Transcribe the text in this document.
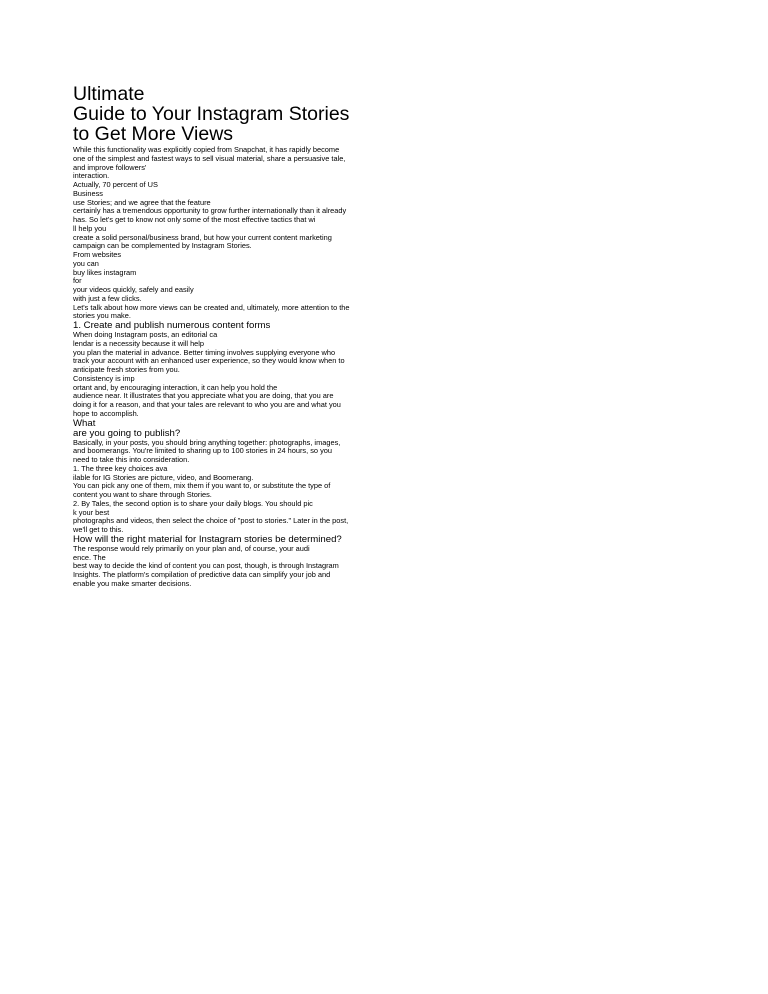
Ultimate
Guide to Your Instagram Stories
to Get More Views
While this functionality was explicitly copied from Snapchat, it has rapidly become
one of the simplest and fastest ways to sell visual material, share a persuasive tale,
and improve followers'
interaction.
Actually, 70 percent of US
Business
use Stories; and we agree that the feature
certainly has a tremendous opportunity to grow further internationally than it already
has. So let's get to know not only some of the most effective tactics that wi
ll help you
create a solid personal/business brand, but how your current content marketing
campaign can be complemented by Instagram Stories.
From websites
you can
buy likes instagram
for
your videos quickly, safely and easily
with just a few clicks.
Let's talk about how more views can be created and, ultimately, more attention to the
stories you make.
1. Create and publish numerous content forms
When doing Instagram posts, an editorial ca
lendar is a necessity because it will help
you plan the material in advance. Better timing involves supplying everyone who
track your account with an enhanced user experience, so they would know when to
anticipate fresh stories from you.
Consistency is imp
ortant and, by encouraging interaction, it can help you hold the
audience near. It illustrates that you appreciate what you are doing, that you are
doing it for a reason, and that your tales are relevant to who you are and what you
hope to accomplish.
What
are you going to publish?
Basically, in your posts, you should bring anything together: photographs, images,
and boomerangs. You're limited to sharing up to 100 stories in 24 hours, so you
need to take this into consideration.
1. The three key choices ava
ilable for IG Stories are picture, video, and Boomerang.
You can pick any one of them, mix them if you want to, or substitute the type of
content you want to share through Stories.
2. By Tales, the second option is to share your daily blogs. You should pic
k your best
photographs and videos, then select the choice of "post to stories." Later in the post,
we'll get to this.
How will the right material for Instagram stories be determined?
The response would rely primarily on your plan and, of course, your audi
ence. The
best way to decide the kind of content you can post, though, is through Instagram
Insights. The platform's compilation of predictive data can simplify your job and
enable you make smarter decisions.
